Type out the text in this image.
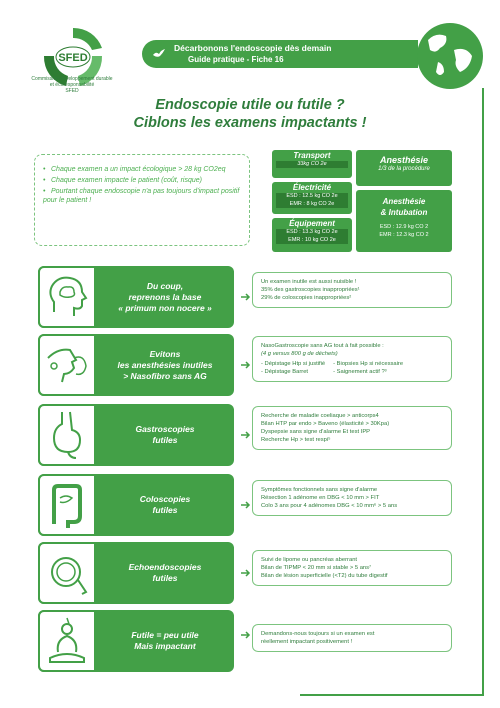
SFED
Commission développement durable
et écoresponsabilité
SFED
Décarbonons l'endoscopie dès demain
Guide pratique - Fiche 16
Endoscopie utile ou futile ?
Ciblons les examens impactants !
• Chaque examen a un impact écologique > 28 kg CO2eq
• Chaque examen impacte le patient (coût, risque)
• Pourtant chaque endoscopie n'a pas toujours d'impact positif pour le patient !
Transport
33kg CO 2e
Électricité
ESD : 12.5 kg CO 2e
EMR : 8 kg CO 2e
Équipement
ESD : 13.3 kg CO 2e
EMR : 10 kg CO 2e
Anesthésie
1/3 de la procédure
Anesthésie
& Intubation
ESD : 12.9 kg CO 2
EMR : 12.3 kg CO 2
Du coup,
reprenons la base
« primum non nocere »
Un examen inutile est aussi nuisible !
35% des gastroscopies inappropriées¹
29% de coloscopies inappropriées²
Evitons
les anesthésies inutiles
> Nasofibro sans AG
NasoGastroscopie sans AG tout à fait possible :
(4 g versus 800 g de déchets)
- Dépistage Htp si justifié
- Dépistage Barret
- Biopsies Hp si nécessaire
- Saignement actif ?³
Gastroscopies
futiles
Recherche de maladie coeliaque > anticorps4
Bilan HTP par endo > Baveno (élasticité > 30Kpa)
Dyspepsie sans signe d'alarme Et test IPP
Recherche Hp > test respi⁵
Coloscopies
futiles
Symptômes fonctionnels sans signe d'alarme
Résection 1 adénome en DBG < 10 mm > FIT
Colo 3 ans pour 4 adénomes DBG < 10 mm⁶ > 5 ans
Echoendoscopies
futiles
Suivi de lipome ou pancréas aberrant
Bilan de TIPMP < 20 mm si stable > 5 ans⁷
Bilan de lésion superficielle (<T2) du tube digestif
Futile = peu utile
Mais impactant
Demandons-nous toujours si un examen est
réellement impactant positivement !
